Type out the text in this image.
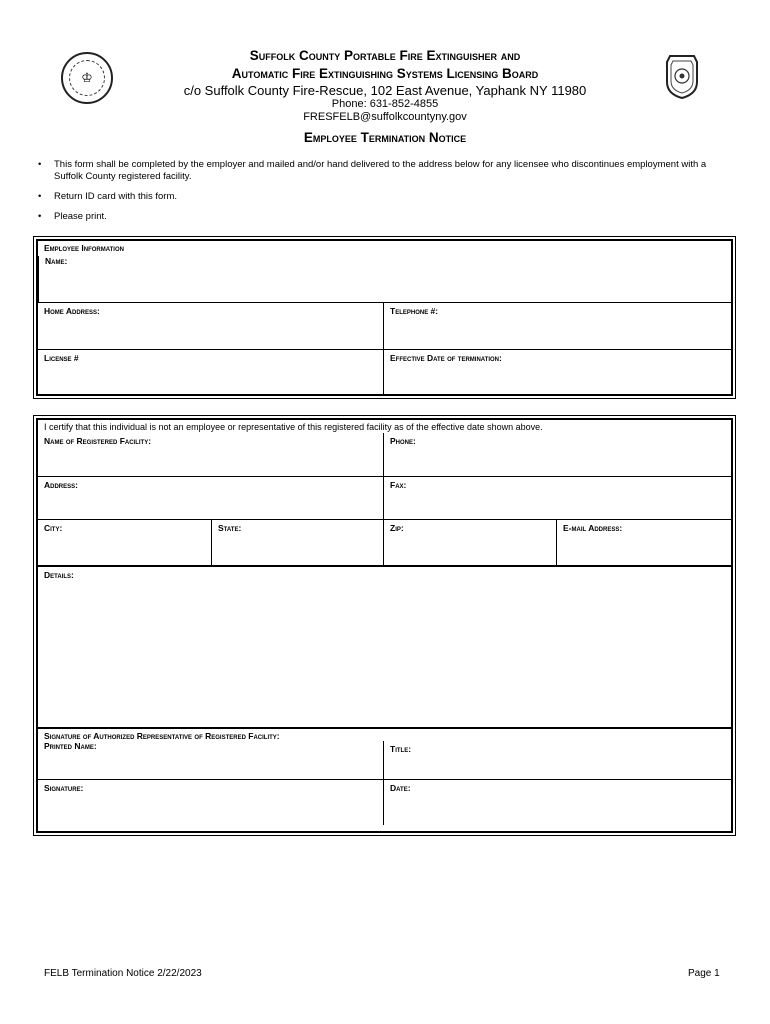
♔
Suffolk County Portable Fire Extinguisher and
Automatic Fire Extinguishing Systems Licensing Board
c/o Suffolk County Fire-Rescue, 102 East Avenue, Yaphank NY 11980
Phone: 631-852-4855
FRESFELB@suffolkcountyny.gov
Employee Termination Notice
•	This form shall be completed by the employer and mailed and/or hand delivered to the address below for any licensee who discontinues employment with a Suffolk County registered facility.
•	Return ID card with this form.
•	Please print.
Employee Information
Name:
Home Address:	Telephone #:
License #	Effective Date of termination:
I certify that this individual is not an employee or representative of this registered facility as of the effective date shown above.
Name of Registered Facility:	Phone:
Address:	Fax:
City:	State:	Zip:	E-mail Address:
Details:
Signature of Authorized Representative of Registered Facility:
Printed Name:	Title:
Signature:	Date:
FELB Termination Notice 2/22/2023	Page 1
